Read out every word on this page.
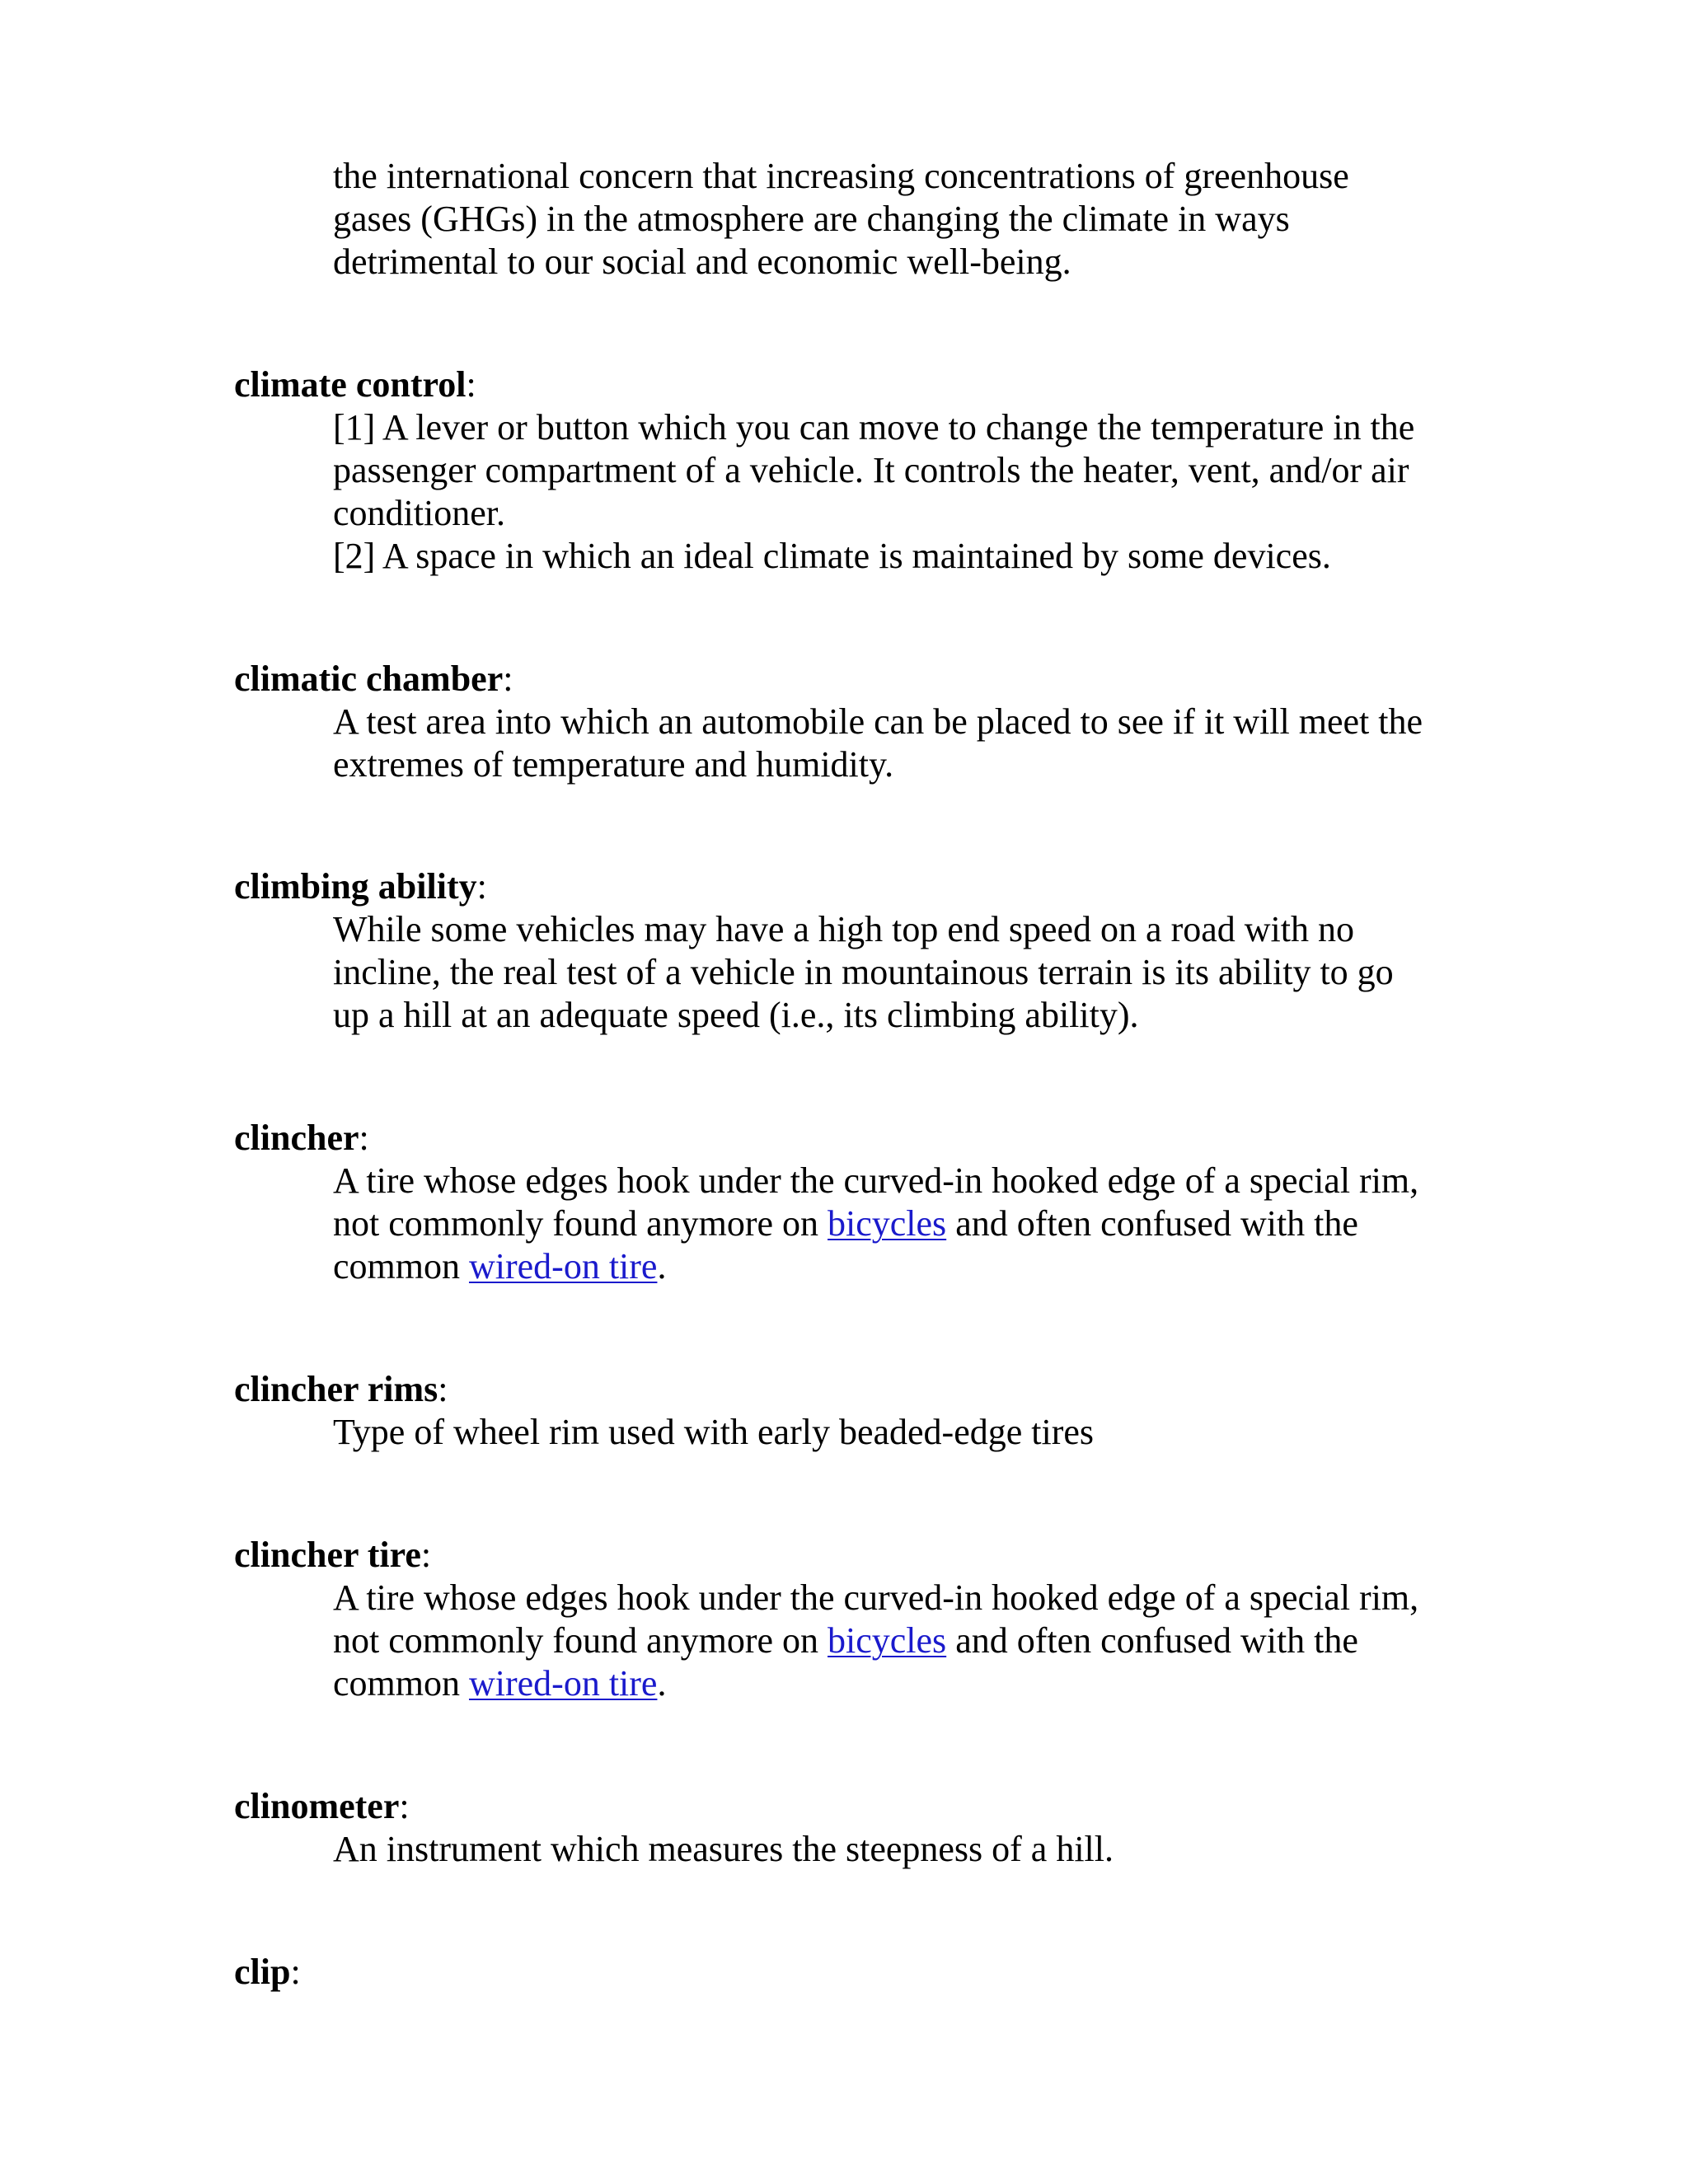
the international concern that increasing concentrations of greenhouse
gases (GHGs) in the atmosphere are changing the climate in ways
detrimental to our social and economic well-being.
climate control:
[1] A lever or button which you can move to change the temperature in the
passenger compartment of a vehicle. It controls the heater, vent, and/or air
conditioner.
[2] A space in which an ideal climate is maintained by some devices.
climatic chamber:
A test area into which an automobile can be placed to see if it will meet the
extremes of temperature and humidity.
climbing ability:
While some vehicles may have a high top end speed on a road with no
incline, the real test of a vehicle in mountainous terrain is its ability to go
up a hill at an adequate speed (i.e., its climbing ability).
clincher:
A tire whose edges hook under the curved-in hooked edge of a special rim,
not commonly found anymore on bicycles and often confused with the
common wired-on tire.
clincher rims:
Type of wheel rim used with early beaded-edge tires
clincher tire:
A tire whose edges hook under the curved-in hooked edge of a special rim,
not commonly found anymore on bicycles and often confused with the
common wired-on tire.
clinometer:
An instrument which measures the steepness of a hill.
clip:
